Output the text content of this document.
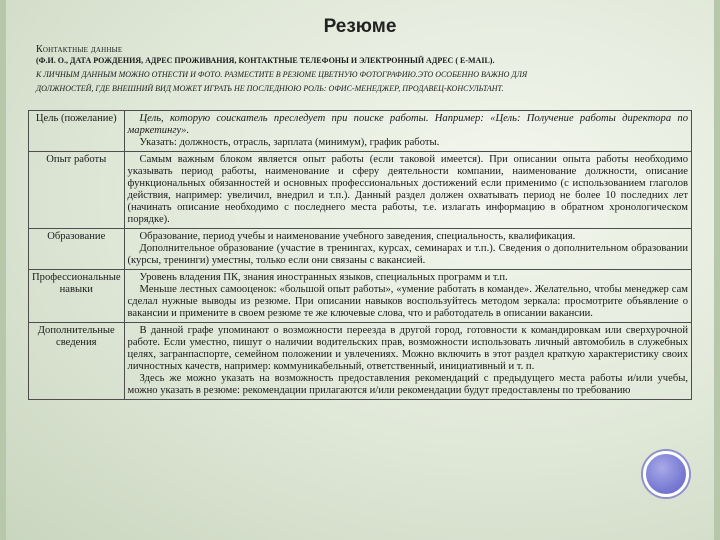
Резюме
Контактные данные
(Ф.И. О., ДАТА РОЖДЕНИЯ, АДРЕС ПРОЖИВАНИЯ, КОНТАКТНЫЕ ТЕЛЕФОНЫ И ЭЛЕКТРОННЫЙ АДРЕС ( E-MAIL).
К ЛИЧНЫМ ДАННЫМ МОЖНО ОТНЕСТИ И ФОТО. РАЗМЕСТИТЕ В РЕЗЮМЕ ЦВЕТНУЮ ФОТОГРАФИЮ.ЭТО ОСОБЕННО ВАЖНО ДЛЯ
ДОЛЖНОСТЕЙ, ГДЕ ВНЕШНИЙ ВИД МОЖЕТ ИГРАТЬ НЕ ПОСЛЕДНЮЮ РОЛЬ: ОФИС-МЕНЕДЖЕР, ПРОДАВЕЦ-КОНСУЛЬТАНТ.
Цель (пожелание)	Цель, которую соискатель преследует при поиске работы. Например: «Цель: Получение работы директора по маркетингу».
Указать: должность, отрасль, зарплата (минимум), график работы.

Опыт работы	Самым важным блоком является опыт работы (если таковой имеется). При описании опыта работы необходимо указывать период работы, наименование и сферу деятельности компании, наименование должности, описание функциональных обязанностей и основных профессиональных достижений если применимо (с использованием глаголов действия, например: увеличил, внедрил и т.п.). Данный раздел должен охватывать период не более 10 последних лет (начинать описание необходимо с последнего места работы, т.е. излагать информацию в обратном хронологическом порядке).

Образование	Образование, период учебы и наименование учебного заведения, специальность, квалификация.
Дополнительное образование (участие в тренингах, курсах, семинарах и т.п.). Сведения о дополнительном образовании (курсы, тренинги) уместны, только если они связаны с вакансией.

Профессиональные навыки	Уровень владения ПК, знания иностранных языков, специальных программ и т.п.
Меньше лестных самооценок: «большой опыт работы», «умение работать в команде». Желательно, чтобы менеджер сам сделал нужные выводы из резюме. При описании навыков воспользуйтесь методом зеркала: просмотрите объявление о вакансии и примените в своем резюме те же ключевые слова, что и работодатель в описании вакансии.

Дополнительные сведения	В данной графе упоминают о возможности переезда в другой город, готовности к командировкам или сверхурочной работе. Если уместно, пишут о наличии водительских прав, возможности использовать личный автомобиль в служебных целях, загранпаспорте, семейном положении и увлечениях. Можно включить в этот раздел краткую характеристику своих личностных качеств, например: коммуникабельный, ответственный, инициативный и т. п.
Здесь же можно указать на возможность предоставления рекомендаций с предыдущего места работы и/или учебы, можно указать в резюме: рекомендации прилагаются и/или рекомендации будут предоставлены по требованию
